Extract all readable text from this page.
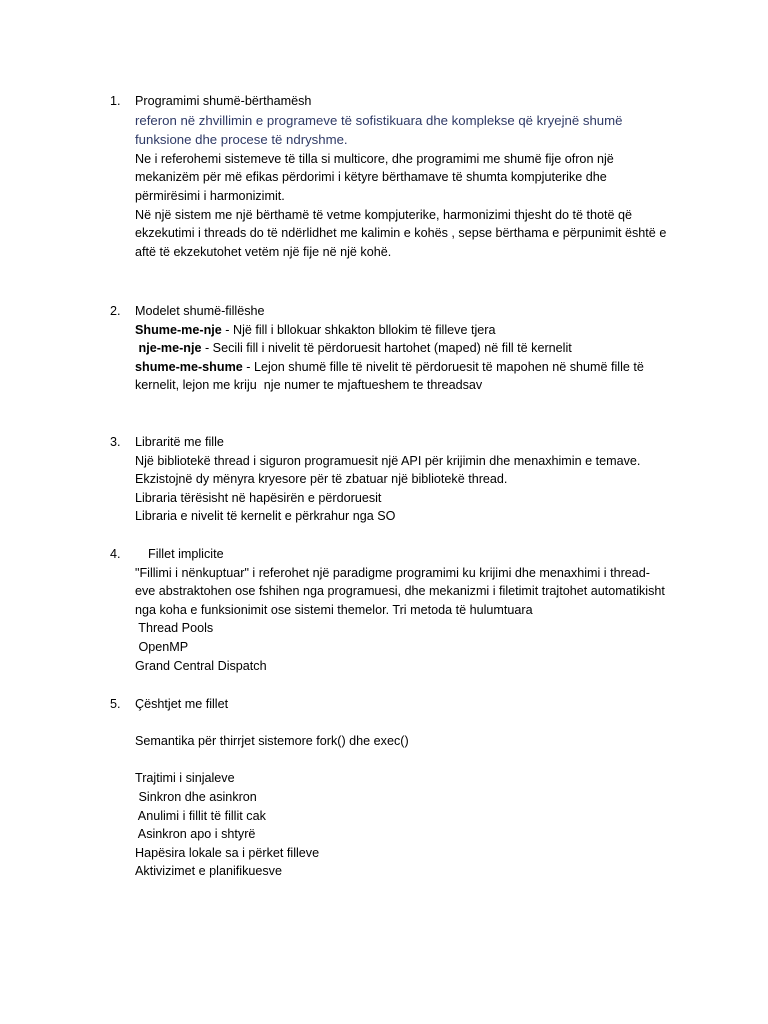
1.	Programimi shumë-bërthamësh
referon në zhvillimin e programeve të sofistikuara dhe komplekse që kryejnë shumë
funksione dhe procese të ndryshme.
Ne i referohemi sistemeve të tilla si multicore, dhe programimi me shumë fije ofron një
mekanizëm për më efikas përdorimi i këtyre bërthamave të shumta kompjuterike dhe
përmirësimi i harmonizimit.
Në një sistem me një bërthamë të vetme kompjuterike, harmonizimi thjesht do të thotë që
ekzekutimi i threads do të ndërlidhet me kalimin e kohës , sepse bërthama e përpunimit është e
aftë të ekzekutohet vetëm një fije në një kohë.
2.	Modelet shumë-fillëshe
Shume-me-nje - Një fill i bllokuar shkakton bllokim të filleve tjera
nje-me-nje - Secili fill i nivelit të përdoruesit hartohet (maped) në fill të kernelit
shume-me-shume - Lejon shumë fille të nivelit të përdoruesit të mapohen në shumë fille të
kernelit, lejon me kriju  nje numer te mjaftueshem te threadsav
3.	Libraritë me fille
Një bibliotekë thread i siguron programuesit një API për krijimin dhe menaxhimin e temave.
Ekzistojnë dy mënyra kryesore për të zbatuar një bibliotekë thread.
Libraria tërësisht në hapësirën e përdoruesit
Libraria e nivelit të kernelit e përkrahur nga SO
4.	Fillet implicite
"Fillimi i nënkuptuar" i referohet një paradigme programimi ku krijimi dhe menaxhimi i thread-
eve abstraktohen ose fshihen nga programuesi, dhe mekanizmi i filetimit trajtohet automatikisht
nga koha e funksionimit ose sistemi themelor. Tri metoda të hulumtuara
Thread Pools
OpenMP
Grand Central Dispatch
5.	Çështjet me fillet
Semantika për thirrjet sistemore fork() dhe exec()
Trajtimi i sinjaleve
Sinkron dhe asinkron
Anulimi i fillit të fillit cak
Asinkron apo i shtyrë
Hapësira lokale sa i përket filleve
Aktivizimet e planifikuesve
